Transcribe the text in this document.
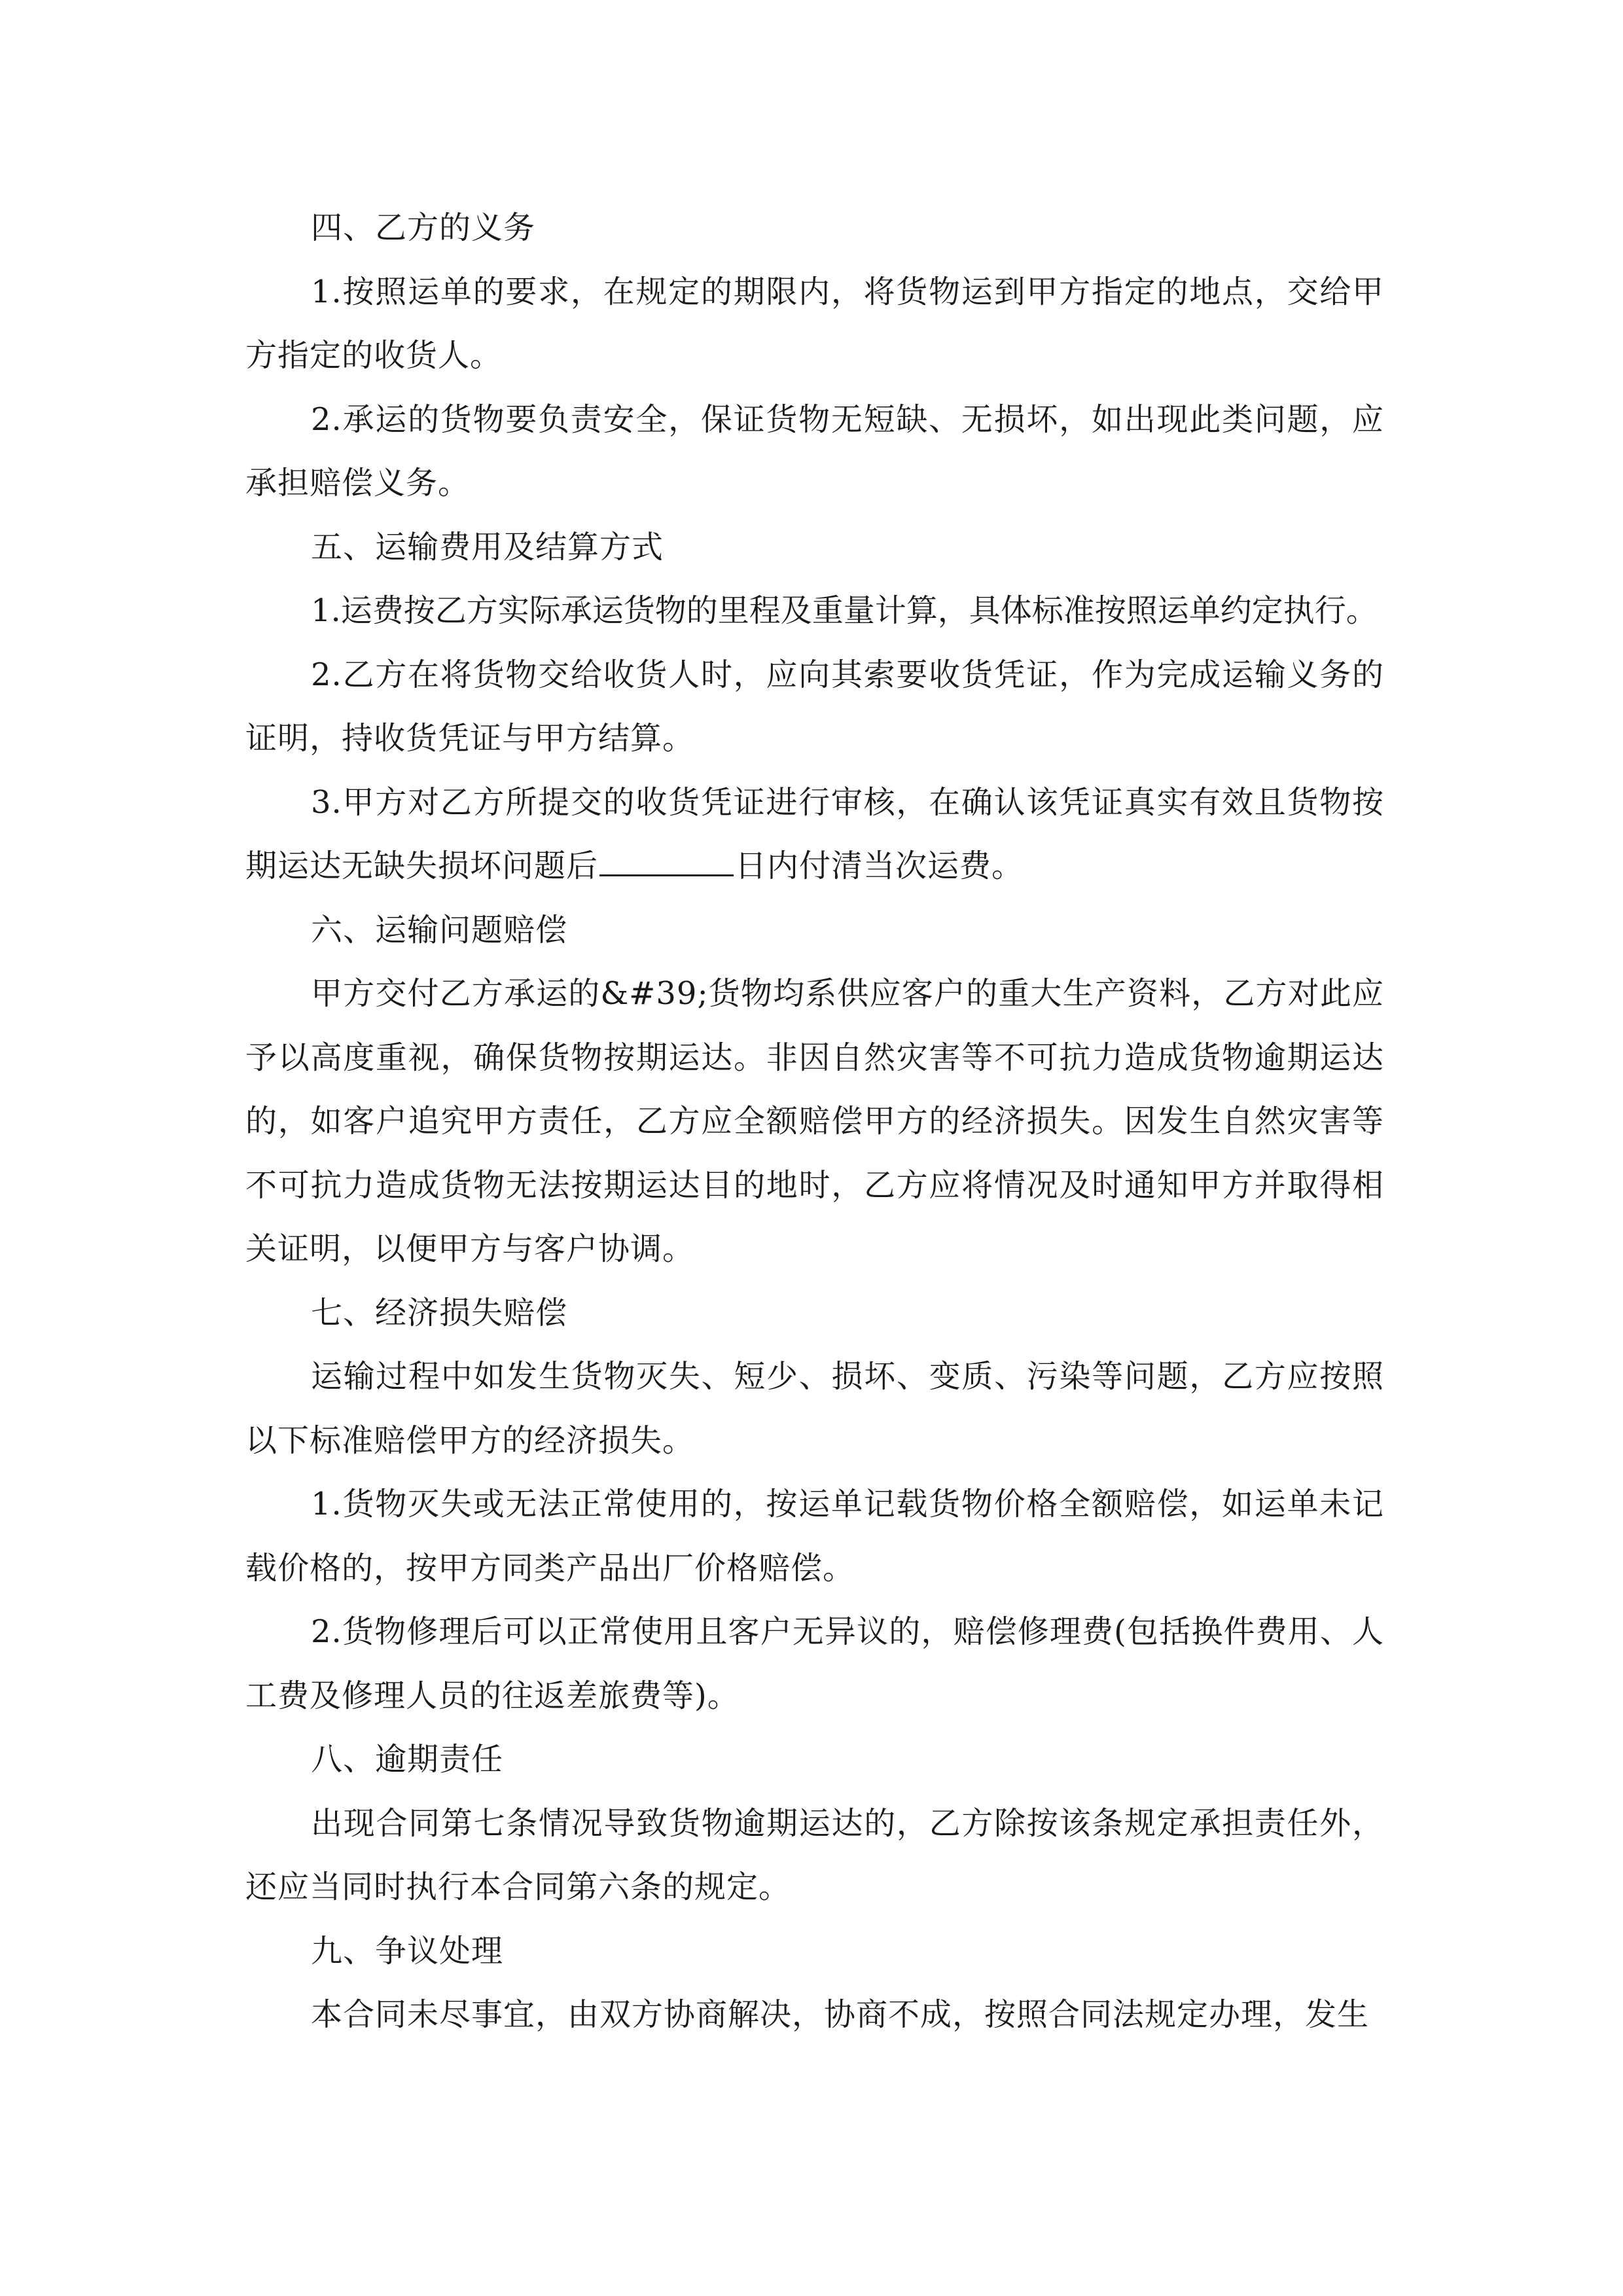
四、乙方的义务

1.按照运单的要求，在规定的期限内，将货物运到甲方指定的地点，交给甲方指定的收货人。

2.承运的货物要负责安全，保证货物无短缺、无损坏，如出现此类问题，应承担赔偿义务。

五、运输费用及结算方式

1.运费按乙方实际承运货物的里程及重量计算，具体标准按照运单约定执行。

2.乙方在将货物交给收货人时，应向其索要收货凭证，作为完成运输义务的证明，持收货凭证与甲方结算。

3.甲方对乙方所提交的收货凭证进行审核，在确认该凭证真实有效且货物按期运达无缺失损坏问题后	日内付清当次运费。

六、运输问题赔偿

甲方交付乙方承运的&#39;货物均系供应客户的重大生产资料，乙方对此应予以高度重视，确保货物按期运达。非因自然灾害等不可抗力造成货物逾期运达的，如客户追究甲方责任，乙方应全额赔偿甲方的经济损失。因发生自然灾害等不可抗力造成货物无法按期运达目的地时，乙方应将情况及时通知甲方并取得相关证明，以便甲方与客户协调。

七、经济损失赔偿

运输过程中如发生货物灭失、短少、损坏、变质、污染等问题，乙方应按照以下标准赔偿甲方的经济损失。

1.货物灭失或无法正常使用的，按运单记载货物价格全额赔偿，如运单未记载价格的，按甲方同类产品出厂价格赔偿。

2.货物修理后可以正常使用且客户无异议的，赔偿修理费(包括换件费用、人工费及修理人员的往返差旅费等)。

八、逾期责任

出现合同第七条情况导致货物逾期运达的，乙方除按该条规定承担责任外，还应当同时执行本合同第六条的规定。

九、争议处理

本合同未尽事宜，由双方协商解决，协商不成，按照合同法规定办理，发生
